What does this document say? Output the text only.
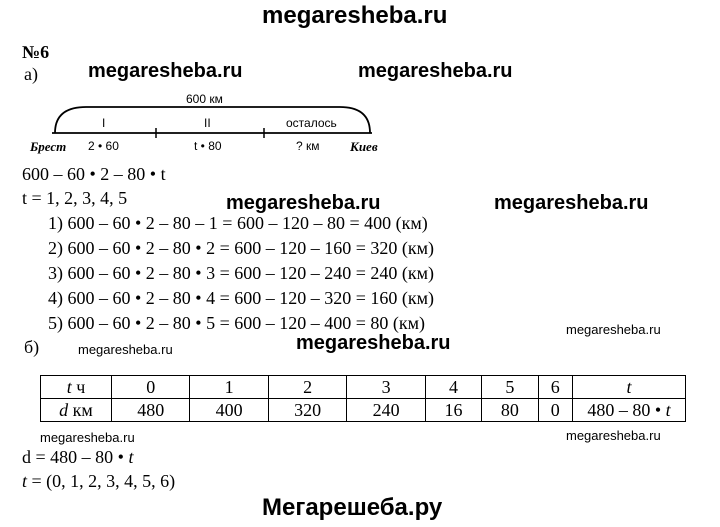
megaresheba.ru
megaresheba.ru	megaresheba.ru
megaresheba.ru	megaresheba.ru
megaresheba.ru
megaresheba.ru	megaresheba.ru
megaresheba.ru	megaresheba.ru
Мегарешеба.ру
№6
а)
600 км
I	II	осталось
Брест 2 • 60	t • 80	? км Киев
600 – 60 • 2 – 80 • t
t = 1, 2, 3, 4, 5
1) 600 – 60 • 2 – 80 – 1 = 600 – 120 – 80 = 400 (км)
2) 600 – 60 • 2 – 80 • 2 = 600 – 120 – 160 = 320 (км)
3) 600 – 60 • 2 – 80 • 3 = 600 – 120 – 240 = 240 (км)
4) 600 – 60 • 2 – 80 • 4 = 600 – 120 – 320 = 160 (км)
5) 600 – 60 • 2 – 80 • 5 = 600 – 120 – 400 = 80 (км)
б)
t ч	0	1	2	3	4	5	6	t
d км	480	400	320	240	16	80	0	480 – 80 • t
d = 480 – 80 • t
t = (0, 1, 2, 3, 4, 5, 6)
